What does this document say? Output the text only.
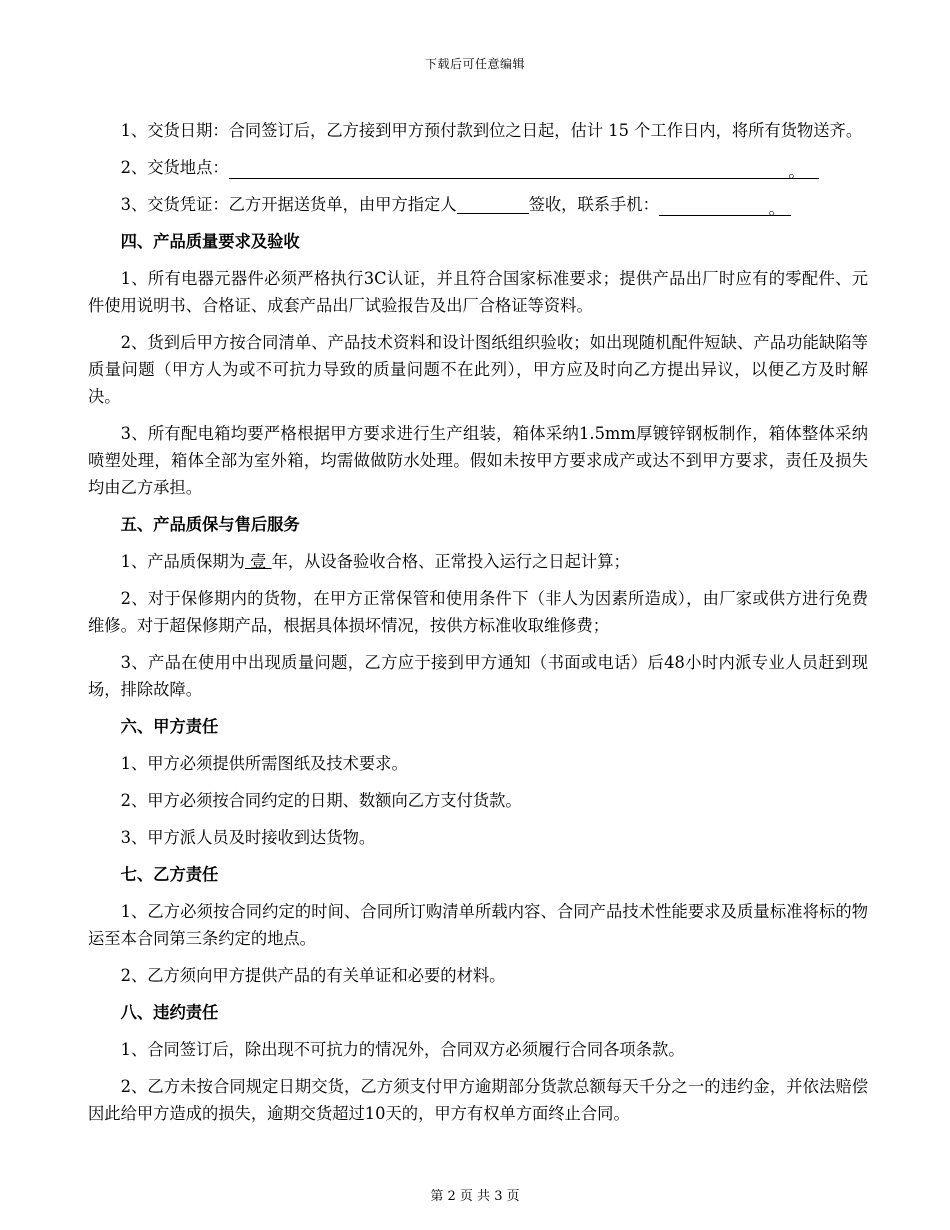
下载后可任意编辑

1、交货日期：合同签订后，乙方接到甲方预付款到位之日起，估计 15 个工作日内，将所有货物送齐。

2、交货地点：	。

3、交货凭证：乙方开据送货单，由甲方指定人	签收，联系手机：	。

四、产品质量要求及验收

1、所有电器元器件必须严格执行3C认证，并且符合国家标准要求；提供产品出厂时应有的零配件、元件使用说明书、合格证、成套产品出厂试验报告及出厂合格证等资料。

2、货到后甲方按合同清单、产品技术资料和设计图纸组织验收；如出现随机配件短缺、产品功能缺陷等质量问题（甲方人为或不可抗力导致的质量问题不在此列），甲方应及时向乙方提出异议，以便乙方及时解决。

3、所有配电箱均要严格根据甲方要求进行生产组装，箱体采纳1.5mm厚镀锌钢板制作，箱体整体采纳喷塑处理，箱体全部为室外箱，均需做做防水处理。假如未按甲方要求成产或达不到甲方要求，责任及损失均由乙方承担。

五、产品质保与售后服务

1、产品质保期为 壹 年，从设备验收合格、正常投入运行之日起计算；

2、对于保修期内的货物，在甲方正常保管和使用条件下（非人为因素所造成），由厂家或供方进行免费维修。对于超保修期产品，根据具体损坏情况，按供方标准收取维修费；

3、产品在使用中出现质量问题，乙方应于接到甲方通知（书面或电话）后48小时内派专业人员赶到现场，排除故障。

六、甲方责任

1、甲方必须提供所需图纸及技术要求。

2、甲方必须按合同约定的日期、数额向乙方支付货款。

3、甲方派人员及时接收到达货物。

七、乙方责任

1、乙方必须按合同约定的时间、合同所订购清单所载内容、合同产品技术性能要求及质量标准将标的物运至本合同第三条约定的地点。

2、乙方须向甲方提供产品的有关单证和必要的材料。

八、违约责任

1、合同签订后，除出现不可抗力的情况外，合同双方必须履行合同各项条款。

2、乙方未按合同规定日期交货，乙方须支付甲方逾期部分货款总额每天千分之一的违约金，并依法赔偿因此给甲方造成的损失，逾期交货超过10天的，甲方有权单方面终止合同。

第 2 页 共 3 页
